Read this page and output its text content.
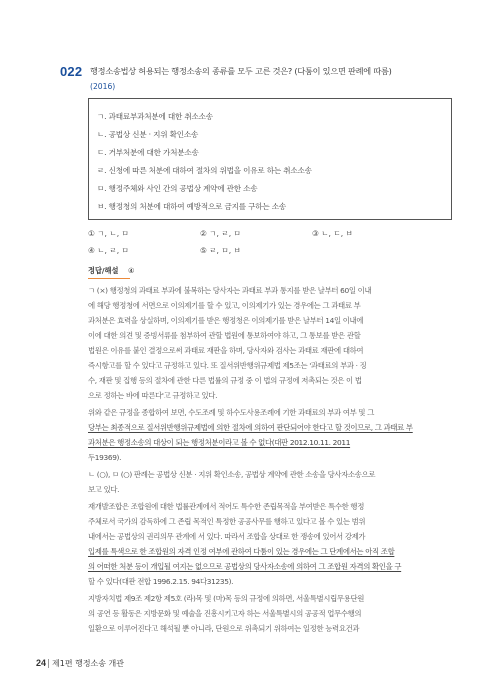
022 행정소송법상 허용되는 행정소송의 종류를 모두 고른 것은? (다툼이 있으면 판례에 따름)
(2016)
ㄱ. 과태료부과처분에 대한 취소소송
ㄴ. 공법상 신분 · 지위 확인소송
ㄷ. 거부처분에 대한 가처분소송
ㄹ. 신청에 따른 처분에 대하여 절차의 위법을 이유로 하는 취소소송
ㅁ. 행정주체와 사인 간의 공법상 계약에 관한 소송
ㅂ. 행정청의 처분에 대하여 예방적으로 금지를 구하는 소송
① ㄱ, ㄴ, ㅁ	② ㄱ, ㄹ, ㅁ	③ ㄴ, ㄷ, ㅂ
④ ㄴ, ㄹ, ㅁ	⑤ ㄹ, ㅁ, ㅂ
정답/해설 ④
ㄱ (×) 행정청의 과태료 부과에 불복하는 당사자는 과태료 부과 통지를 받은 날부터 60일 이내
에 해당 행정청에 서면으로 이의제기를 할 수 있고, 이의제기가 있는 경우에는 그 과태료 부
과처분은 효력을 상실하며, 이의제기를 받은 행정청은 이의제기를 받은 날부터 14일 이내에
이에 대한 의견 및 증빙서류를 첨부하여 관할 법원에 통보하여야 하고, 그 통보를 받은 관할
법원은 이유를 붙인 결정으로써 과태료 재판을 하며, 당사자와 검사는 과태료 재판에 대하여
즉시항고를 할 수 있다고 규정하고 있다. 또 질서위반행위규제법 제5조는 '과태료의 부과 · 징
수, 재판 및 집행 등의 절차에 관한 다른 법률의 규정 중 이 법의 규정에 저촉되는 것은 이 법
으로 정하는 바에 따른다'고 규정하고 있다.
위와 같은 규정을 종합하여 보면, 수도조례 및 하수도사용조례에 기한 과태료의 부과 여부 및 그
당부는 최종적으로 질서위반행위규제법에 의한 절차에 의하여 판단되어야 한다고 할 것이므로, 그 과태료 부
과처분은 행정소송의 대상이 되는 행정처분이라고 볼 수 없다(대판 2012.10.11. 2011
두19369).
ㄴ (○), ㅁ (○) 판례는 공법상 신분 · 지위 확인소송, 공법상 계약에 관한 소송을 당사자소송으로
보고 있다.
재개발조합은 조합원에 대한 법률관계에서 적어도 특수한 존립목적을 부여받은 특수한 행정
주체로서 국가의 감독하에 그 존립 목적인 특정한 공공사무를 행하고 있다고 볼 수 있는 범위
내에서는 공법상의 권리의무 관계에 서 있다. 따라서 조합을 상대로 한 쟁송에 있어서 강제가
입제를 특색으로 한 조합원의 자격 인정 여부에 관하여 다툼이 있는 경우에는 그 단계에서는 아직 조합
의 어떠한 처분 등이 개입될 여지는 없으므로 공법상의 당사자소송에 의하여 그 조합원 자격의 확인을 구
할 수 있다(대판 전합 1996.2.15. 94다31235).
지방자치법 제9조 제2항 제5호 (라)목 및 (마)목 등의 규정에 의하면, 서울특별시립무용단원
의 공연 등 활동은 지방문화 및 예술을 진흥시키고자 하는 서울특별시의 공공적 업무수행의
일환으로 이루어진다고 해석될 뿐 아니라, 단원으로 위촉되기 위하여는 일정한 능력요건과
24 제1편 행정소송 개관
